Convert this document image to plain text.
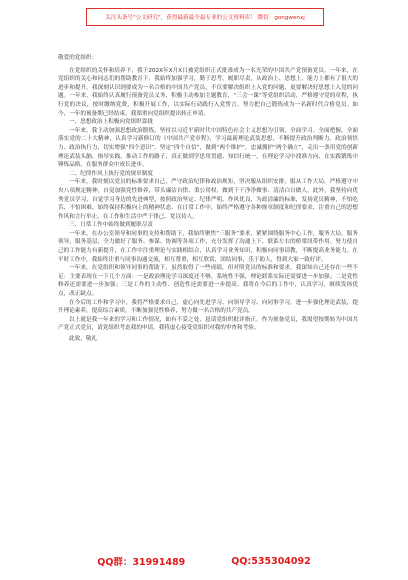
关注头条号"公文研究"，获得最新最全最专业的公文资料库！ 微信：gongwenxj

敬爱的党组织：

在党组织的关怀和培养下，我于202X年X月X日被党组织正式批准成为一名光荣的中国共产党预备党员。一年来，在党组织的关心和同志们的帮助教育下，我始终加强学习，勤于思考，履职尽责，从政治上、思想上、能力上都有了很大的进步和提升。我深刻认识到要成为一名合格的中国共产党员，不仅要解决组织上入党的问题，更要解决好思想上入党的问题。一年来，我始终认真履行预备党员义务，积极主动参加主题教育，“三会一课”等党组织活动，严格遵守党的章程，执行党的决议，按时缴纳党费，积极开展工作，以实际行动践行入党誓言，努力把自己锻炼成为一名新时代合格党员。如今，一年的预备期已经结束，我郑重向党组织提出转正申请。

一、思想政治上积极向党组织靠拢

一年来，我主动加强思想政治锻炼，坚持以习近平新时代中国特色社会主义思想为引领，全面学习、全面把握、全面落实党的二十大精神，认真学习新修订的《中国共产党章程》，学习最新理论武装思想，不断提升政治判断力、政治领悟力、政治执行力，切实增强“四个意识”，坚定“四个自信”，做到“两个维护”，忠诚拥护“两个确立”，走出一条用党的创新理论武装头脑、指导实践、推动工作的路子，真正做到学思用贯通、知信行统一，在理论学习中找准方向、在实践锻炼中锤炼品格、在服务群众中成长进步。

二、纪律作风上执行党的规章制度

一年来，我时刻以党员的标准要求自己，严守政治纪律和政治规矩，坚决服从组织安排，服从工作大局，严格遵守中央八项规定精神，自觉加强党性修养，带头廉洁自律、秉公用权，做到干干净净做事、清清白白做人。此外，我坚持向优秀党员学习，自觉学习身边的先进典型，按照政治坚定、纪律严明、作风优良、为政清廉的标准，发扬党员精神，不怕吃苦、不怕困难，始终保持积极向上的精神状态。在日常工作中，始终严格遵守各种规章制度和纪律要求，注重自己的思想作风和言行举止，在工作和生活中严于律己、宽以待人。

三、日常工作中始终做到履职尽责

一年来，在办公室领导和同事的支持和帮助下，我始终聚焦“三服务”要求，紧紧围绕服务中心工作，服务大局，服务领导，服务基层，全力做好了服务、参谋、协调等各项工作，充分发挥了沟通上下、联系左右的桥梁纽带作用。努力使自己的工作能力有新提升，在工作中注重理论与实践相结合，认真学习业务知识，积极向同事请教，不断提高业务能力。在平时工作中，我始终注重与同事沟通交流，相互尊重，相互欣赏，团结同事，乐于助人，得到大家一致好评。

一年来，在党组织和领导同事的帮助下，虽然取得了一些成绩，但对照党员的标准和要求，我深知自己还存在一些不足：主要表现在一下几个方面：一是政治理论学习深度还不够，系统性不强，理论联系实际还需要进一步加强；二是党性修养还需要进一步加强；三是工作的主动性、创造性还需要进一步提高。我将在今后的工作中，认真学习，继续发扬优点，改正缺点。

在今后的工作和学习中，我将严格要求自己，虚心向先进学习、向领导学习、向同事学习，进一步强化理论武装，提升理论素养，提高综合素质，不断加强党性修养，努力做一名合格的共产党员。

以上就是我一年来的学习和工作情况，如有不妥之处，恳请党组织批评指正。作为预备党员，我渴望按期转为中国共产党正式党员，请党组织考虑我的申请，我将虚心接受党组织对我的审查和考验。

此致，敬礼

QQ群：31991489	QQ:535304092
